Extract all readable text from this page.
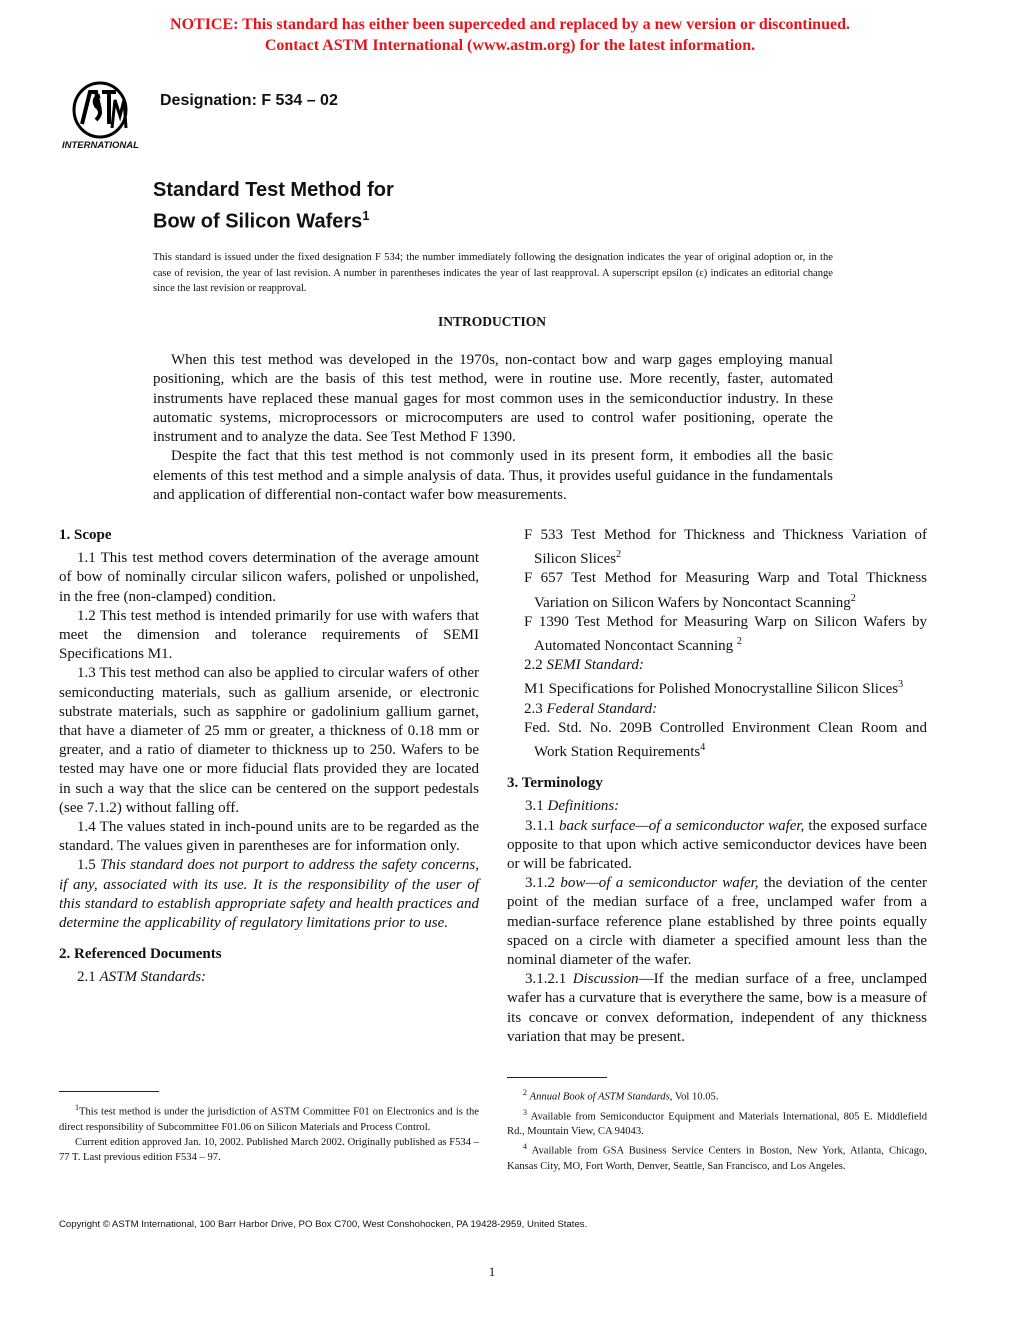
NOTICE: This standard has either been superceded and replaced by a new version or discontinued.
Contact ASTM International (www.astm.org) for the latest information.
INTERNATIONAL
Designation: F 534 – 02
Standard Test Method for
Bow of Silicon Wafers$^1$
This standard is issued under the fixed designation F 534; the number immediately following the designation indicates the year of original adoption or, in the case of revision, the year of last revision. A number in parentheses indicates the year of last reapproval. A superscript epsilon (ε) indicates an editorial change since the last revision or reapproval.
INTRODUCTION

When this test method was developed in the 1970s, non-contact bow and warp gages employing manual positioning, which are the basis of this test method, were in routine use. More recently, faster, automated instruments have replaced these manual gages for most common uses in the semiconductior industry. In these automatic systems, microprocessors or microcomputers are used to control wafer positioning, operate the instrument and to analyze the data. See Test Method F 1390.

Despite the fact that this test method is not commonly used in its present form, it embodies all the basic elements of this test method and a simple analysis of data. Thus, it provides useful guidance in the fundamentals and application of differential non-contact wafer bow measurements.

1. Scope

1.1 This test method covers determination of the average amount of bow of nominally circular silicon wafers, polished or unpolished, in the free (non-clamped) condition.

1.2 This test method is intended primarily for use with wafers that meet the dimension and tolerance requirements of SEMI Specifications M1.

1.3 This test method can also be applied to circular wafers of other semiconducting materials, such as gallium arsenide, or electronic substrate materials, such as sapphire or gadolinium gallium garnet, that have a diameter of 25 mm or greater, a thickness of 0.18 mm or greater, and a ratio of diameter to thickness up to 250. Wafers to be tested may have one or more fiducial flats provided they are located in such a way that the slice can be centered on the support pedestals (see 7.1.2) without falling off.

1.4 The values stated in inch-pound units are to be regarded as the standard. The values given in parentheses are for information only.

1.5 This standard does not purport to address the safety concerns, if any, associated with its use. It is the responsibility of the user of this standard to establish appropriate safety and health practices and determine the applicability of regulatory limitations prior to use.

2. Referenced Documents

2.1 ASTM Standards:

F 533 Test Method for Thickness and Thickness Variation of Silicon Slices$^2$

F 657 Test Method for Measuring Warp and Total Thickness Variation on Silicon Wafers by Noncontact Scanning$^2$

F 1390 Test Method for Measuring Warp on Silicon Wafers by Automated Noncontact Scanning $^2$

2.2 SEMI Standard:

M1 Specifications for Polished Monocrystalline Silicon Slices$^3$

2.3 Federal Standard:

Fed. Std. No. 209B Controlled Environment Clean Room and Work Station Requirements$^4$

3. Terminology

3.1 Definitions:

3.1.1 back surface—of a semiconductor wafer, the exposed surface opposite to that upon which active semiconductor devices have been or will be fabricated.

3.1.2 bow—of a semiconductor wafer, the deviation of the center point of the median surface of a free, unclamped wafer from a median-surface reference plane established by three points equally spaced on a circle with diameter a specified amount less than the nominal diameter of the wafer.

3.1.2.1 Discussion—If the median surface of a free, unclamped wafer has a curvature that is everythere the same, bow is a measure of its concave or convex deformation, independent of any thickness variation that may be present.

$^1$This test method is under the jurisdiction of ASTM Committee F01 on Electronics and is the direct responsibility of Subcommittee F01.06 on Silicon Materials and Process Control.

Current edition approved Jan. 10, 2002. Published March 2002. Originally published as F534 – 77 T. Last previous edition F534 – 97.

$^2$ Annual Book of ASTM Standards, Vol 10.05.

$^3$ Available from Semiconductor Equipment and Materials International, 805 E. Middlefield Rd., Mountain View, CA 94043.

$^4$ Available from GSA Business Service Centers in Boston, New York, Atlanta, Chicago, Kansas City, MO, Fort Worth, Denver, Seattle, San Francisco, and Los Angeles.

Copyright © ASTM International, 100 Barr Harbor Drive, PO Box C700, West Conshohocken, PA 19428-2959, United States.
1
